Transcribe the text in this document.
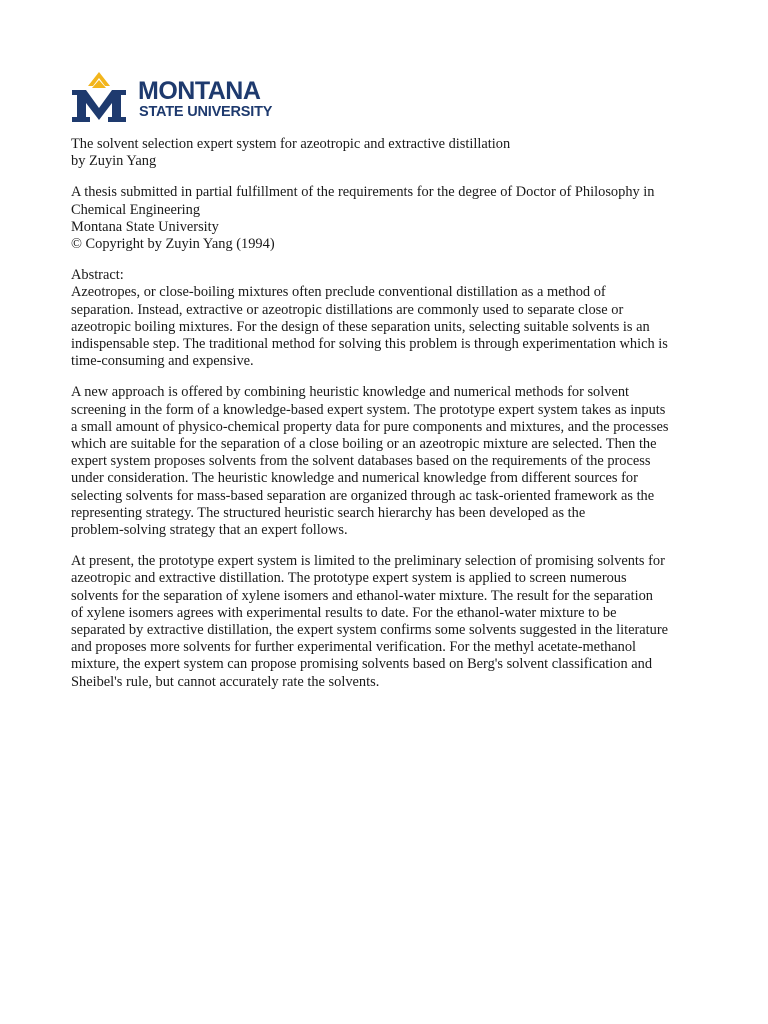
MONTANA
STATE UNIVERSITY

The solvent selection expert system for azeotropic and extractive distillation
by Zuyin Yang

A thesis submitted in partial fulfillment of the requirements for the degree of Doctor of Philosophy in
Chemical Engineering
Montana State University
© Copyright by Zuyin Yang (1994)

Abstract:
Azeotropes, or close-boiling mixtures often preclude conventional distillation as a method of
separation. Instead, extractive or azeotropic distillations are commonly used to separate close or
azeotropic boiling mixtures. For the design of these separation units, selecting suitable solvents is an
indispensable step. The traditional method for solving this problem is through experimentation which is
time-consuming and expensive.

A new approach is offered by combining heuristic knowledge and numerical methods for solvent
screening in the form of a knowledge-based expert system. The prototype expert system takes as inputs
a small amount of physico-chemical property data for pure components and mixtures, and the processes
which are suitable for the separation of a close boiling or an azeotropic mixture are selected. Then the
expert system proposes solvents from the solvent databases based on the requirements of the process
under consideration. The heuristic knowledge and numerical knowledge from different sources for
selecting solvents for mass-based separation are organized through ac task-oriented framework as the
representing strategy. The structured heuristic search hierarchy has been developed as the
problem-solving strategy that an expert follows.

At present, the prototype expert system is limited to the preliminary selection of promising solvents for
azeotropic and extractive distillation. The prototype expert system is applied to screen numerous
solvents for the separation of xylene isomers and ethanol-water mixture. The result for the separation
of xylene isomers agrees with experimental results to date. For the ethanol-water mixture to be
separated by extractive distillation, the expert system confirms some solvents suggested in the literature
and proposes more solvents for further experimental verification. For the methyl acetate-methanol
mixture, the expert system can propose promising solvents based on Berg's solvent classification and
Sheibel's rule, but cannot accurately rate the solvents.
